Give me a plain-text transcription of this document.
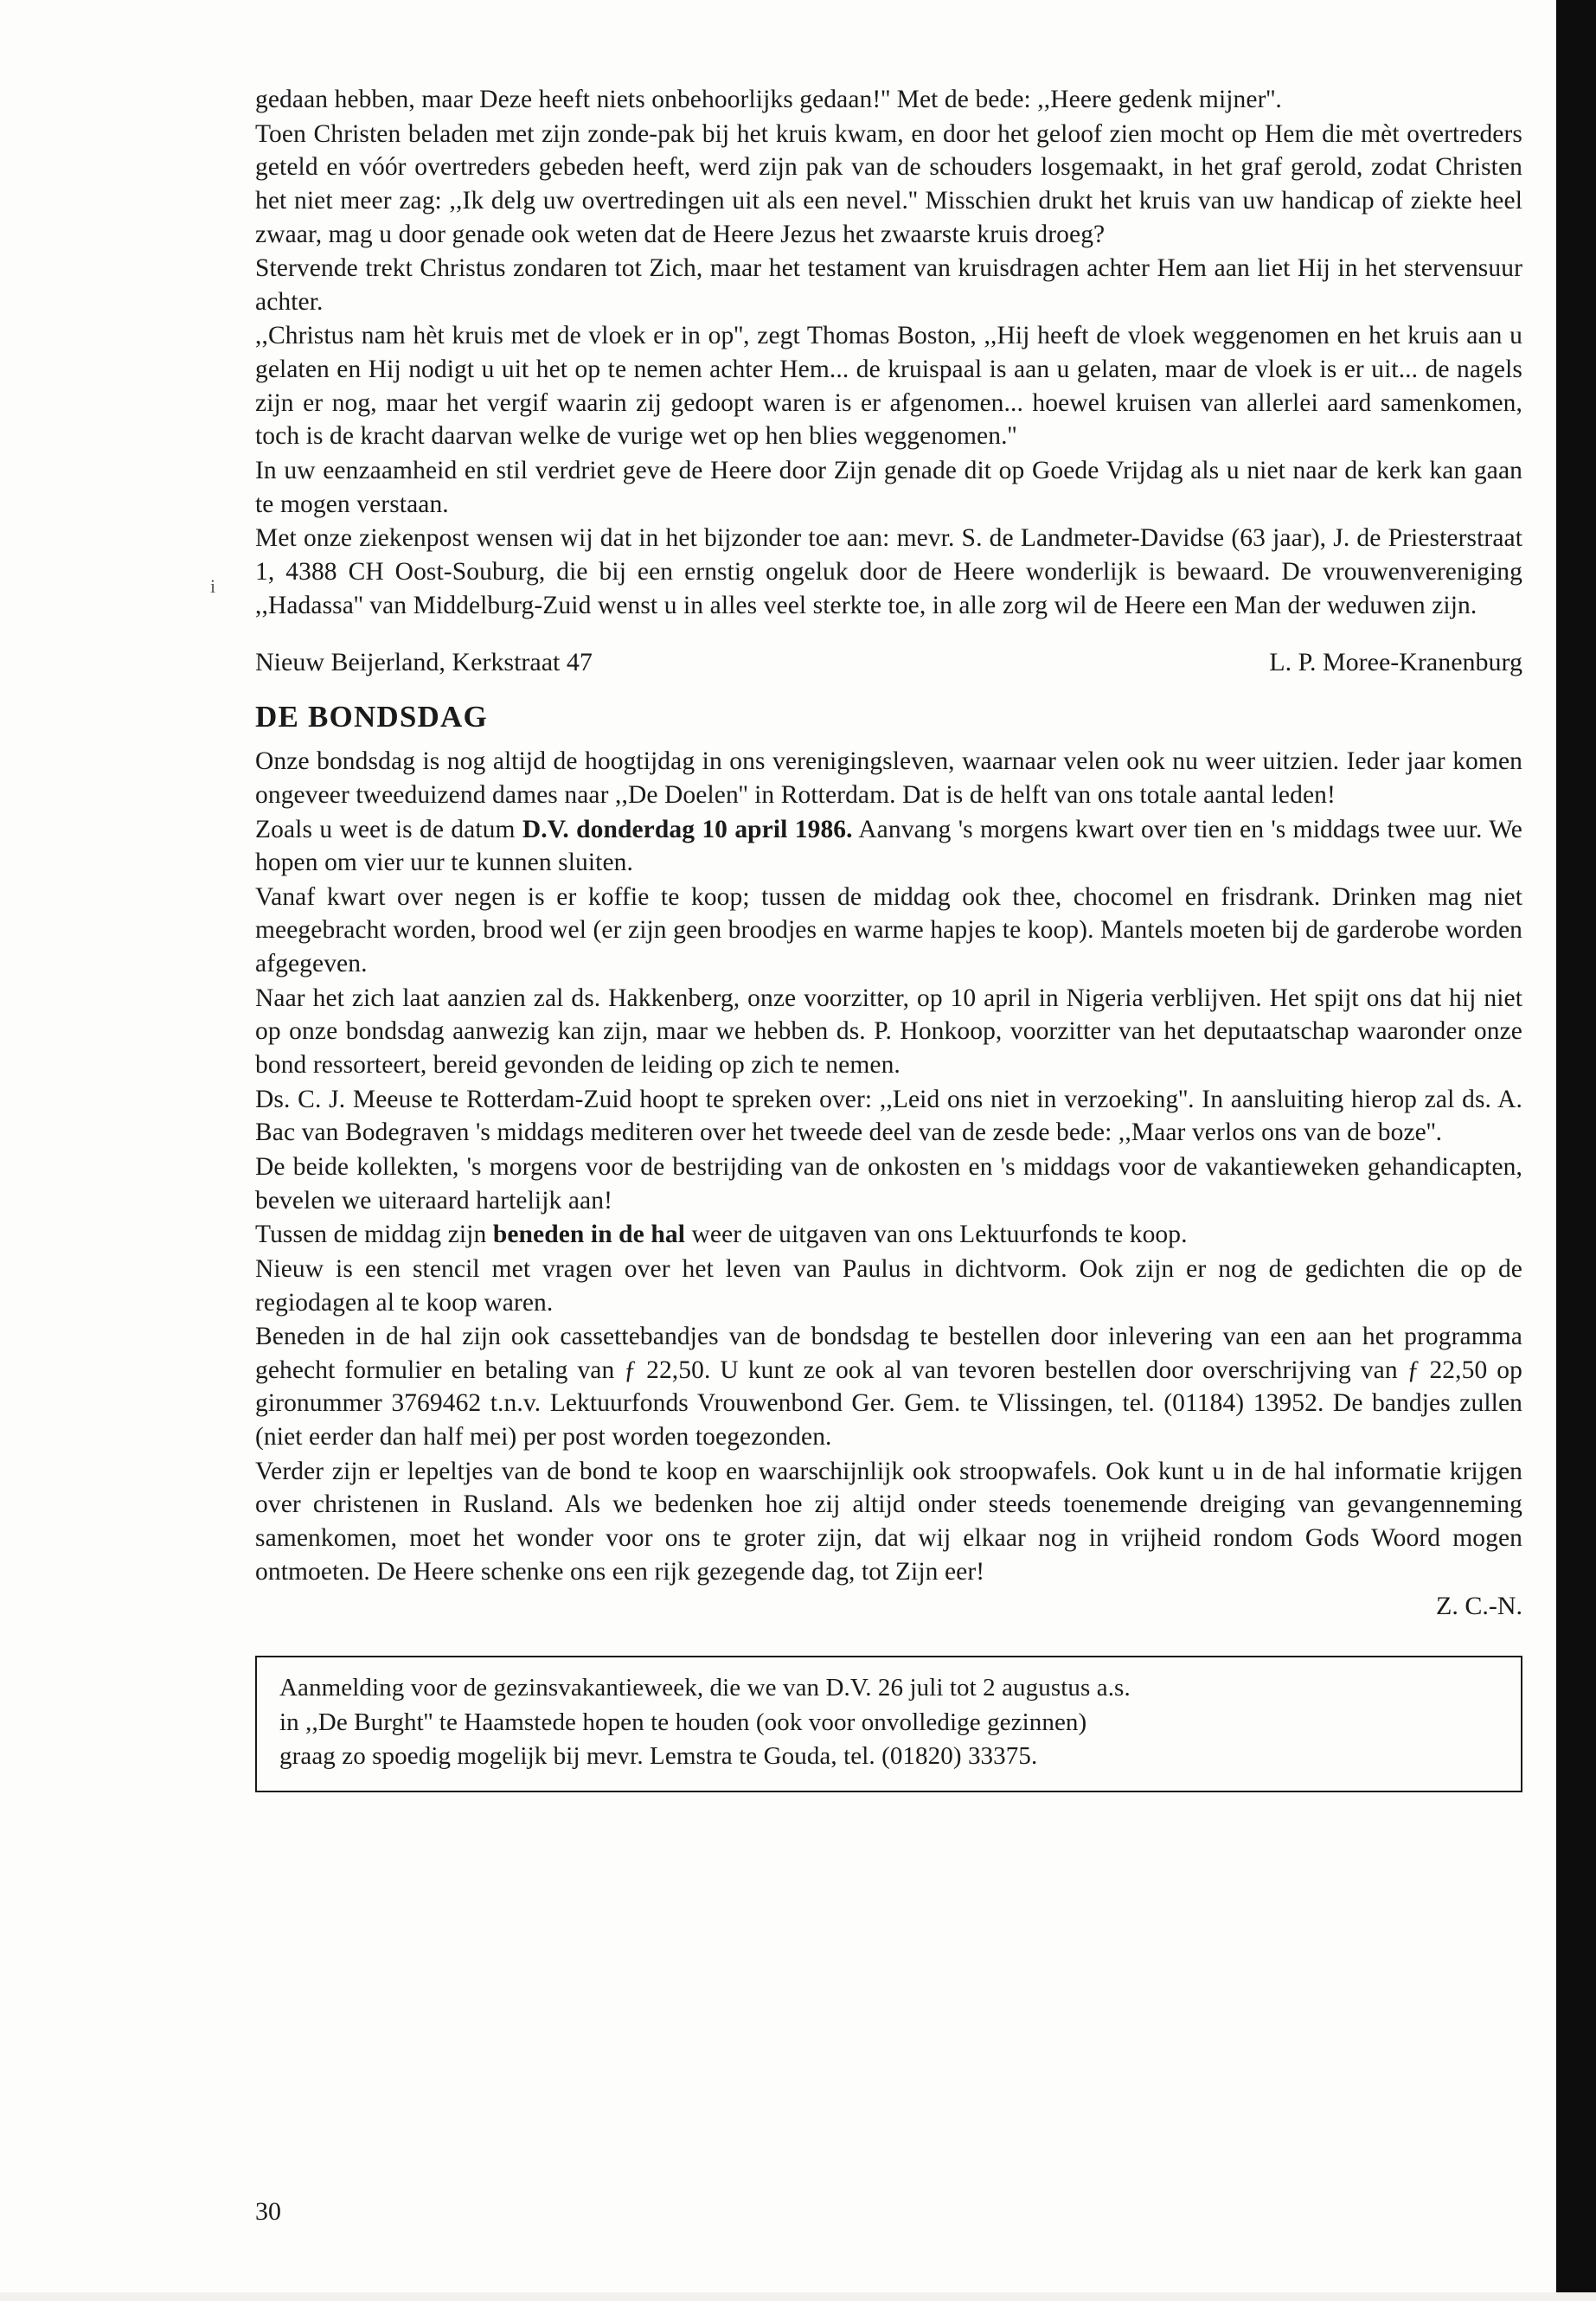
i

gedaan hebben, maar Deze heeft niets onbehoorlijks gedaan!'' Met de bede: ,,Heere gedenk mijner''.

Toen Christen beladen met zijn zonde-pak bij het kruis kwam, en door het geloof zien mocht op Hem die mèt overtreders geteld en vóór overtreders gebeden heeft, werd zijn pak van de schouders losgemaakt, in het graf gerold, zodat Christen het niet meer zag: ,,Ik delg uw overtredingen uit als een nevel.'' Misschien drukt het kruis van uw handicap of ziekte heel zwaar, mag u door genade ook weten dat de Heere Jezus het zwaarste kruis droeg?

Stervende trekt Christus zondaren tot Zich, maar het testament van kruisdragen achter Hem aan liet Hij in het stervensuur achter.

,,Christus nam hèt kruis met de vloek er in op'', zegt Thomas Boston, ,,Hij heeft de vloek weggenomen en het kruis aan u gelaten en Hij nodigt u uit het op te nemen achter Hem... de kruispaal is aan u gelaten, maar de vloek is er uit... de nagels zijn er nog, maar het vergif waarin zij gedoopt waren is er afgenomen... hoewel kruisen van allerlei aard samenkomen, toch is de kracht daarvan welke de vurige wet op hen blies weggenomen.''

In uw eenzaamheid en stil verdriet geve de Heere door Zijn genade dit op Goede Vrijdag als u niet naar de kerk kan gaan te mogen verstaan.

Met onze ziekenpost wensen wij dat in het bijzonder toe aan: mevr. S. de Landmeter-Davidse (63 jaar), J. de Priesterstraat 1, 4388 CH Oost-Souburg, die bij een ernstig ongeluk door de Heere wonderlijk is bewaard. De vrouwenvereniging ,,Hadassa'' van Middelburg-Zuid wenst u in alles veel sterkte toe, in alle zorg wil de Heere een Man der weduwen zijn.

Nieuw Beijerland, Kerkstraat 47	L. P. Moree-Kranenburg
DE BONDSDAG

Onze bondsdag is nog altijd de hoogtijdag in ons verenigingsleven, waarnaar velen ook nu weer uitzien. Ieder jaar komen ongeveer tweeduizend dames naar ,,De Doelen'' in Rotterdam. Dat is de helft van ons totale aantal leden!

Zoals u weet is de datum D.V. donderdag 10 april 1986. Aanvang 's morgens kwart over tien en 's middags twee uur. We hopen om vier uur te kunnen sluiten.

Vanaf kwart over negen is er koffie te koop; tussen de middag ook thee, chocomel en frisdrank. Drinken mag niet meegebracht worden, brood wel (er zijn geen broodjes en warme hapjes te koop). Mantels moeten bij de garderobe worden afgegeven.

Naar het zich laat aanzien zal ds. Hakkenberg, onze voorzitter, op 10 april in Nigeria verblijven. Het spijt ons dat hij niet op onze bondsdag aanwezig kan zijn, maar we hebben ds. P. Honkoop, voorzitter van het deputaatschap waaronder onze bond ressorteert, bereid gevonden de leiding op zich te nemen.

Ds. C. J. Meeuse te Rotterdam-Zuid hoopt te spreken over: ,,Leid ons niet in verzoeking''. In aansluiting hierop zal ds. A. Bac van Bodegraven 's middags mediteren over het tweede deel van de zesde bede: ,,Maar verlos ons van de boze''.

De beide kollekten, 's morgens voor de bestrijding van de onkosten en 's middags voor de vakantieweken gehandicapten, bevelen we uiteraard hartelijk aan!

Tussen de middag zijn beneden in de hal weer de uitgaven van ons Lektuurfonds te koop.

Nieuw is een stencil met vragen over het leven van Paulus in dichtvorm. Ook zijn er nog de gedichten die op de regiodagen al te koop waren.

Beneden in de hal zijn ook cassettebandjes van de bondsdag te bestellen door inlevering van een aan het programma gehecht formulier en betaling van ƒ 22,50. U kunt ze ook al van tevoren bestellen door overschrijving van ƒ 22,50 op gironummer 3769462 t.n.v. Lektuurfonds Vrouwenbond Ger. Gem. te Vlissingen, tel. (01184) 13952. De bandjes zullen (niet eerder dan half mei) per post worden toegezonden.

Verder zijn er lepeltjes van de bond te koop en waarschijnlijk ook stroopwafels. Ook kunt u in de hal informatie krijgen over christenen in Rusland. Als we bedenken hoe zij altijd onder steeds toenemende dreiging van gevangenneming samenkomen, moet het wonder voor ons te groter zijn, dat wij elkaar nog in vrijheid rondom Gods Woord mogen ontmoeten. De Heere schenke ons een rijk gezegende dag, tot Zijn eer!

Z. C.-N.

Aanmelding voor de gezinsvakantieweek, die we van D.V. 26 juli tot 2 augustus a.s.

in ,,De Burght'' te Haamstede hopen te houden (ook voor onvolledige gezinnen)

graag zo spoedig mogelijk bij mevr. Lemstra te Gouda, tel. (01820) 33375.

30
